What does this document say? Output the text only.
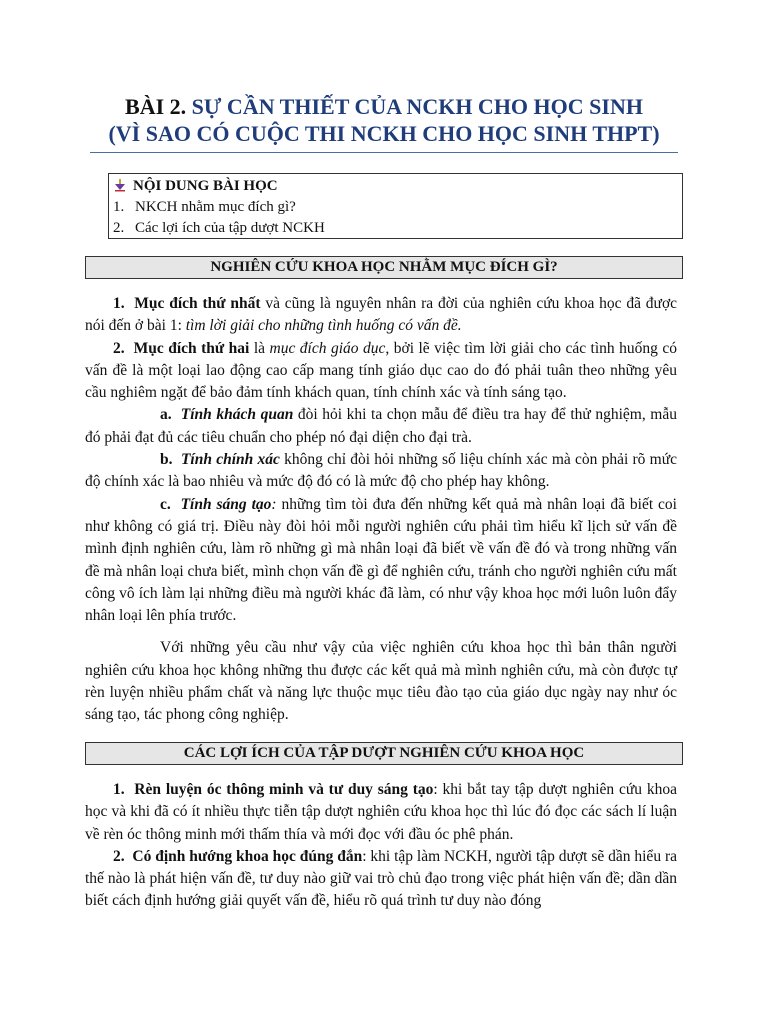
BÀI 2. SỰ CẦN THIẾT CỦA NCKH CHO HỌC SINH
(VÌ SAO CÓ CUỘC THI NCKH CHO HỌC SINH THPT)
NỘI DUNG BÀI HỌC
1. NKCH nhằm mục đích gì?
2. Các lợi ích của tập dượt NCKH
NGHIÊN CỨU KHOA HỌC NHẰM MỤC ĐÍCH GÌ?

1. Mục đích thứ nhất và cũng là nguyên nhân ra đời của nghiên cứu khoa học đã được nói đến ở bài 1: tìm lời giải cho những tình huống có vấn đề.

2. Mục đích thứ hai là mục đích giáo dục, bởi lẽ việc tìm lời giải cho các tình huống có vấn đề là một loại lao động cao cấp mang tính giáo dục cao do đó phải tuân theo những yêu cầu nghiêm ngặt để bảo đảm tính khách quan, tính chính xác và tính sáng tạo.

a. Tính khách quan đòi hỏi khi ta chọn mẫu để điều tra hay để thử nghiệm, mẫu đó phải đạt đủ các tiêu chuẩn cho phép nó đại diện cho đại trà.

b. Tính chính xác không chỉ đòi hỏi những số liệu chính xác mà còn phải rõ mức độ chính xác là bao nhiêu và mức độ đó có là mức độ cho phép hay không.

c. Tính sáng tạo: những tìm tòi đưa đến những kết quả mà nhân loại đã biết coi như không có giá trị. Điều này đòi hỏi mỗi người nghiên cứu phải tìm hiểu kĩ lịch sử vấn đề mình định nghiên cứu, làm rõ những gì mà nhân loại đã biết về vấn đề đó và trong những vấn đề mà nhân loại chưa biết, mình chọn vấn đề gì để nghiên cứu, tránh cho người nghiên cứu mất công vô ích làm lại những điều mà người khác đã làm, có như vậy khoa học mới luôn luôn đẩy nhân loại lên phía trước.

Với những yêu cầu như vậy của việc nghiên cứu khoa học thì bản thân người nghiên cứu khoa học không những thu được các kết quả mà mình nghiên cứu, mà còn được tự rèn luyện nhiều phẩm chất và năng lực thuộc mục tiêu đào tạo của giáo dục ngày nay như óc sáng tạo, tác phong công nghiệp.

CÁC LỢI ÍCH CỦA TẬP DƯỢT NGHIÊN CỨU KHOA HỌC

1. Rèn luyện óc thông minh và tư duy sáng tạo: khi bắt tay tập dượt nghiên cứu khoa học và khi đã có ít nhiều thực tiễn tập dượt nghiên cứu khoa học thì lúc đó đọc các sách lí luận về rèn óc thông minh mới thấm thía và mới đọc với đầu óc phê phán.

2. Có định hướng khoa học đúng đắn: khi tập làm NCKH, người tập dượt sẽ dần hiểu ra thế nào là phát hiện vấn đề, tư duy nào giữ vai trò chủ đạo trong việc phát hiện vấn đề; dần dần biết cách định hướng giải quyết vấn đề, hiểu rõ quá trình tư duy nào đóng
